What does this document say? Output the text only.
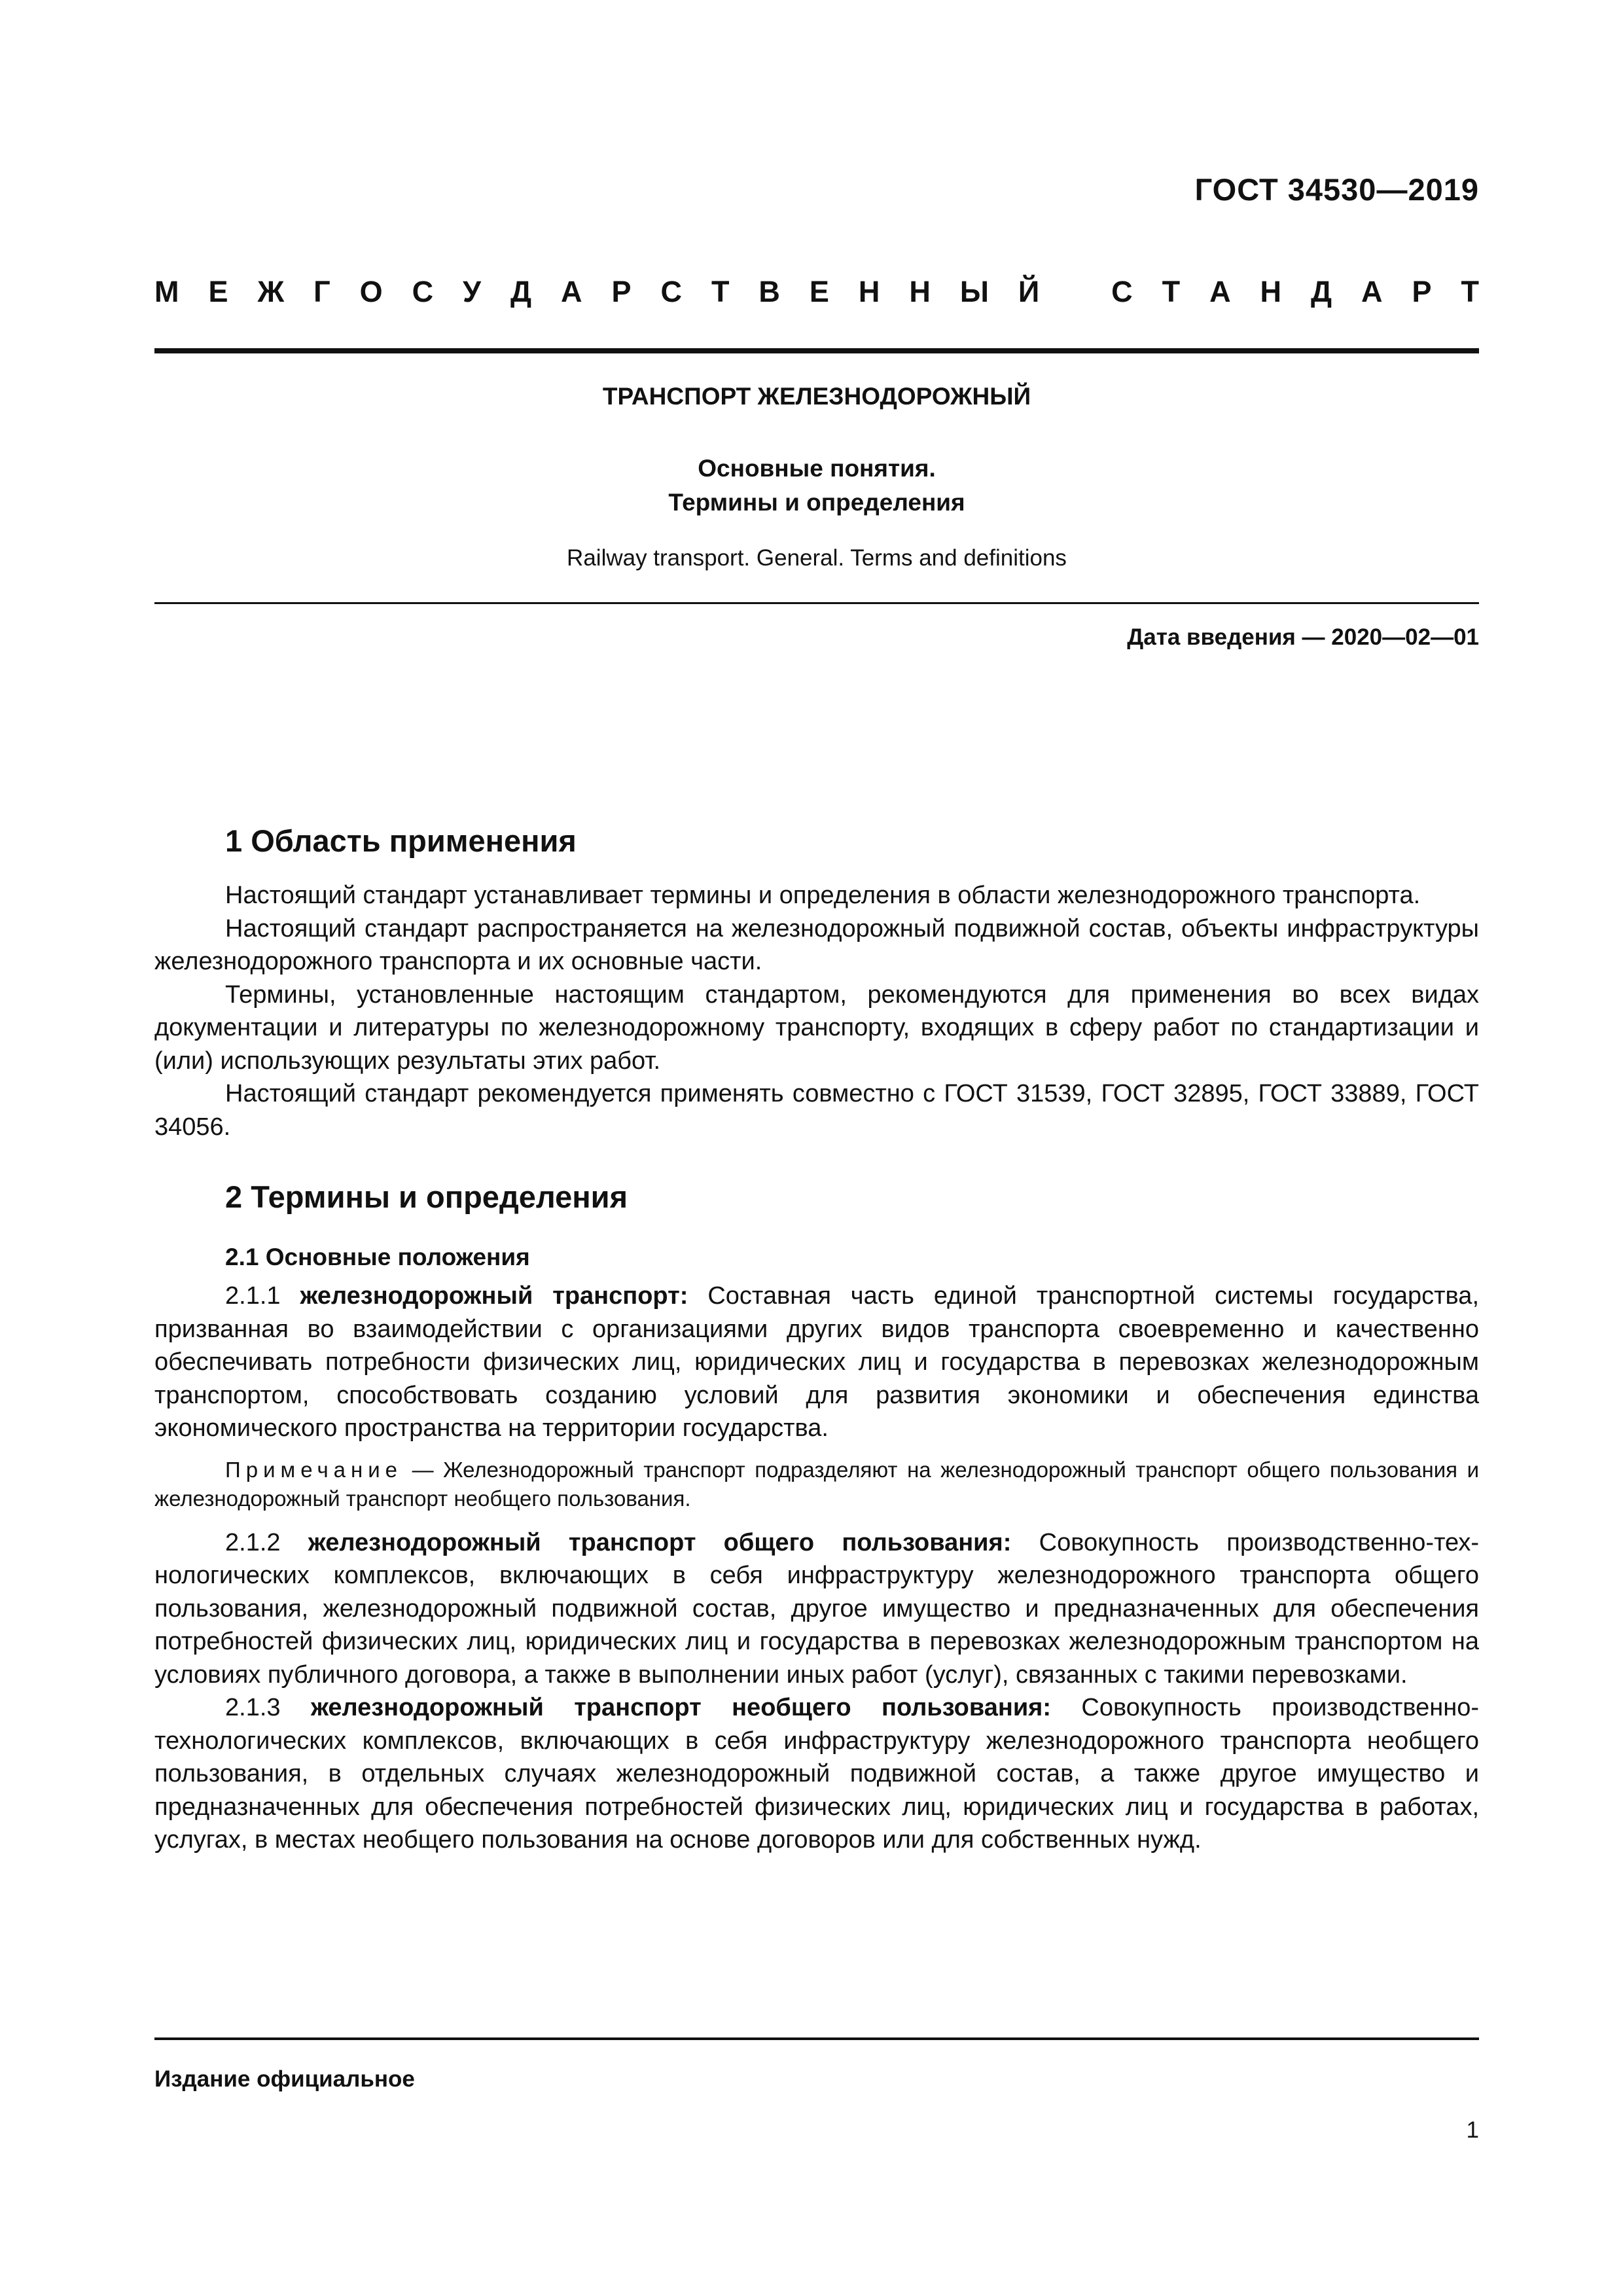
ГОСТ 34530—2019
М Е Ж Г О С У Д А Р С Т В Е Н Н Ы Й С Т А Н Д А Р Т
ТРАНСПОРТ ЖЕЛЕЗНОДОРОЖНЫЙ
Основные понятия.
Термины и определения
Railway transport. General. Terms and definitions
Дата введения — 2020—02—01
1 Область применения

Настоящий стандарт устанавливает термины и определения в области железнодорожного транспорта.

Настоящий стандарт распространяется на железнодорожный подвижной состав, объекты инфраструктуры железнодорожного транспорта и их основные части.

Термины, установленные настоящим стандартом, рекомендуются для применения во всех видах документации и литературы по железнодорожному транспорту, входящих в сферу работ по стандартизации и (или) использующих результаты этих работ.

Настоящий стандарт рекомендуется применять совместно с ГОСТ 31539, ГОСТ 32895, ГОСТ 33889, ГОСТ 34056.

2 Термины и определения
2.1 Основные положения

2.1.1 железнодорожный транспорт: Составная часть единой транспортной системы государства, призванная во взаимодействии с организациями других видов транспорта своевременно и качественно обеспечивать потребности физических лиц, юридических лиц и государства в перевозках железнодорожным транспортом, способствовать созданию условий для развития экономики и обеспечения единства экономического пространства на территории государства.

Примечание — Железнодорожный транспорт подразделяют на железнодорожный транспорт общего пользования и железнодорожный транспорт необщего пользования.

2.1.2 железнодорожный транспорт общего пользования: Совокупность производственно-технологических комплексов, включающих в себя инфраструктуру железнодорожного транспорта общего пользования, железнодорожный подвижной состав, другое имущество и предназначенных для обеспечения потребностей физических лиц, юридических лиц и государства в перевозках железнодорожным транспортом на условиях публичного договора, а также в выполнении иных работ (услуг), связанных с такими перевозками.

2.1.3 железнодорожный транспорт необщего пользования: Совокупность производственно-технологических комплексов, включающих в себя инфраструктуру железнодорожного транспорта необщего пользования, в отдельных случаях железнодорожный подвижной состав, а также другое имущество и предназначенных для обеспечения потребностей физических лиц, юридических лиц и государства в работах, услугах, в местах необщего пользования на основе договоров или для собственных нужд.

Издание официальное
1
